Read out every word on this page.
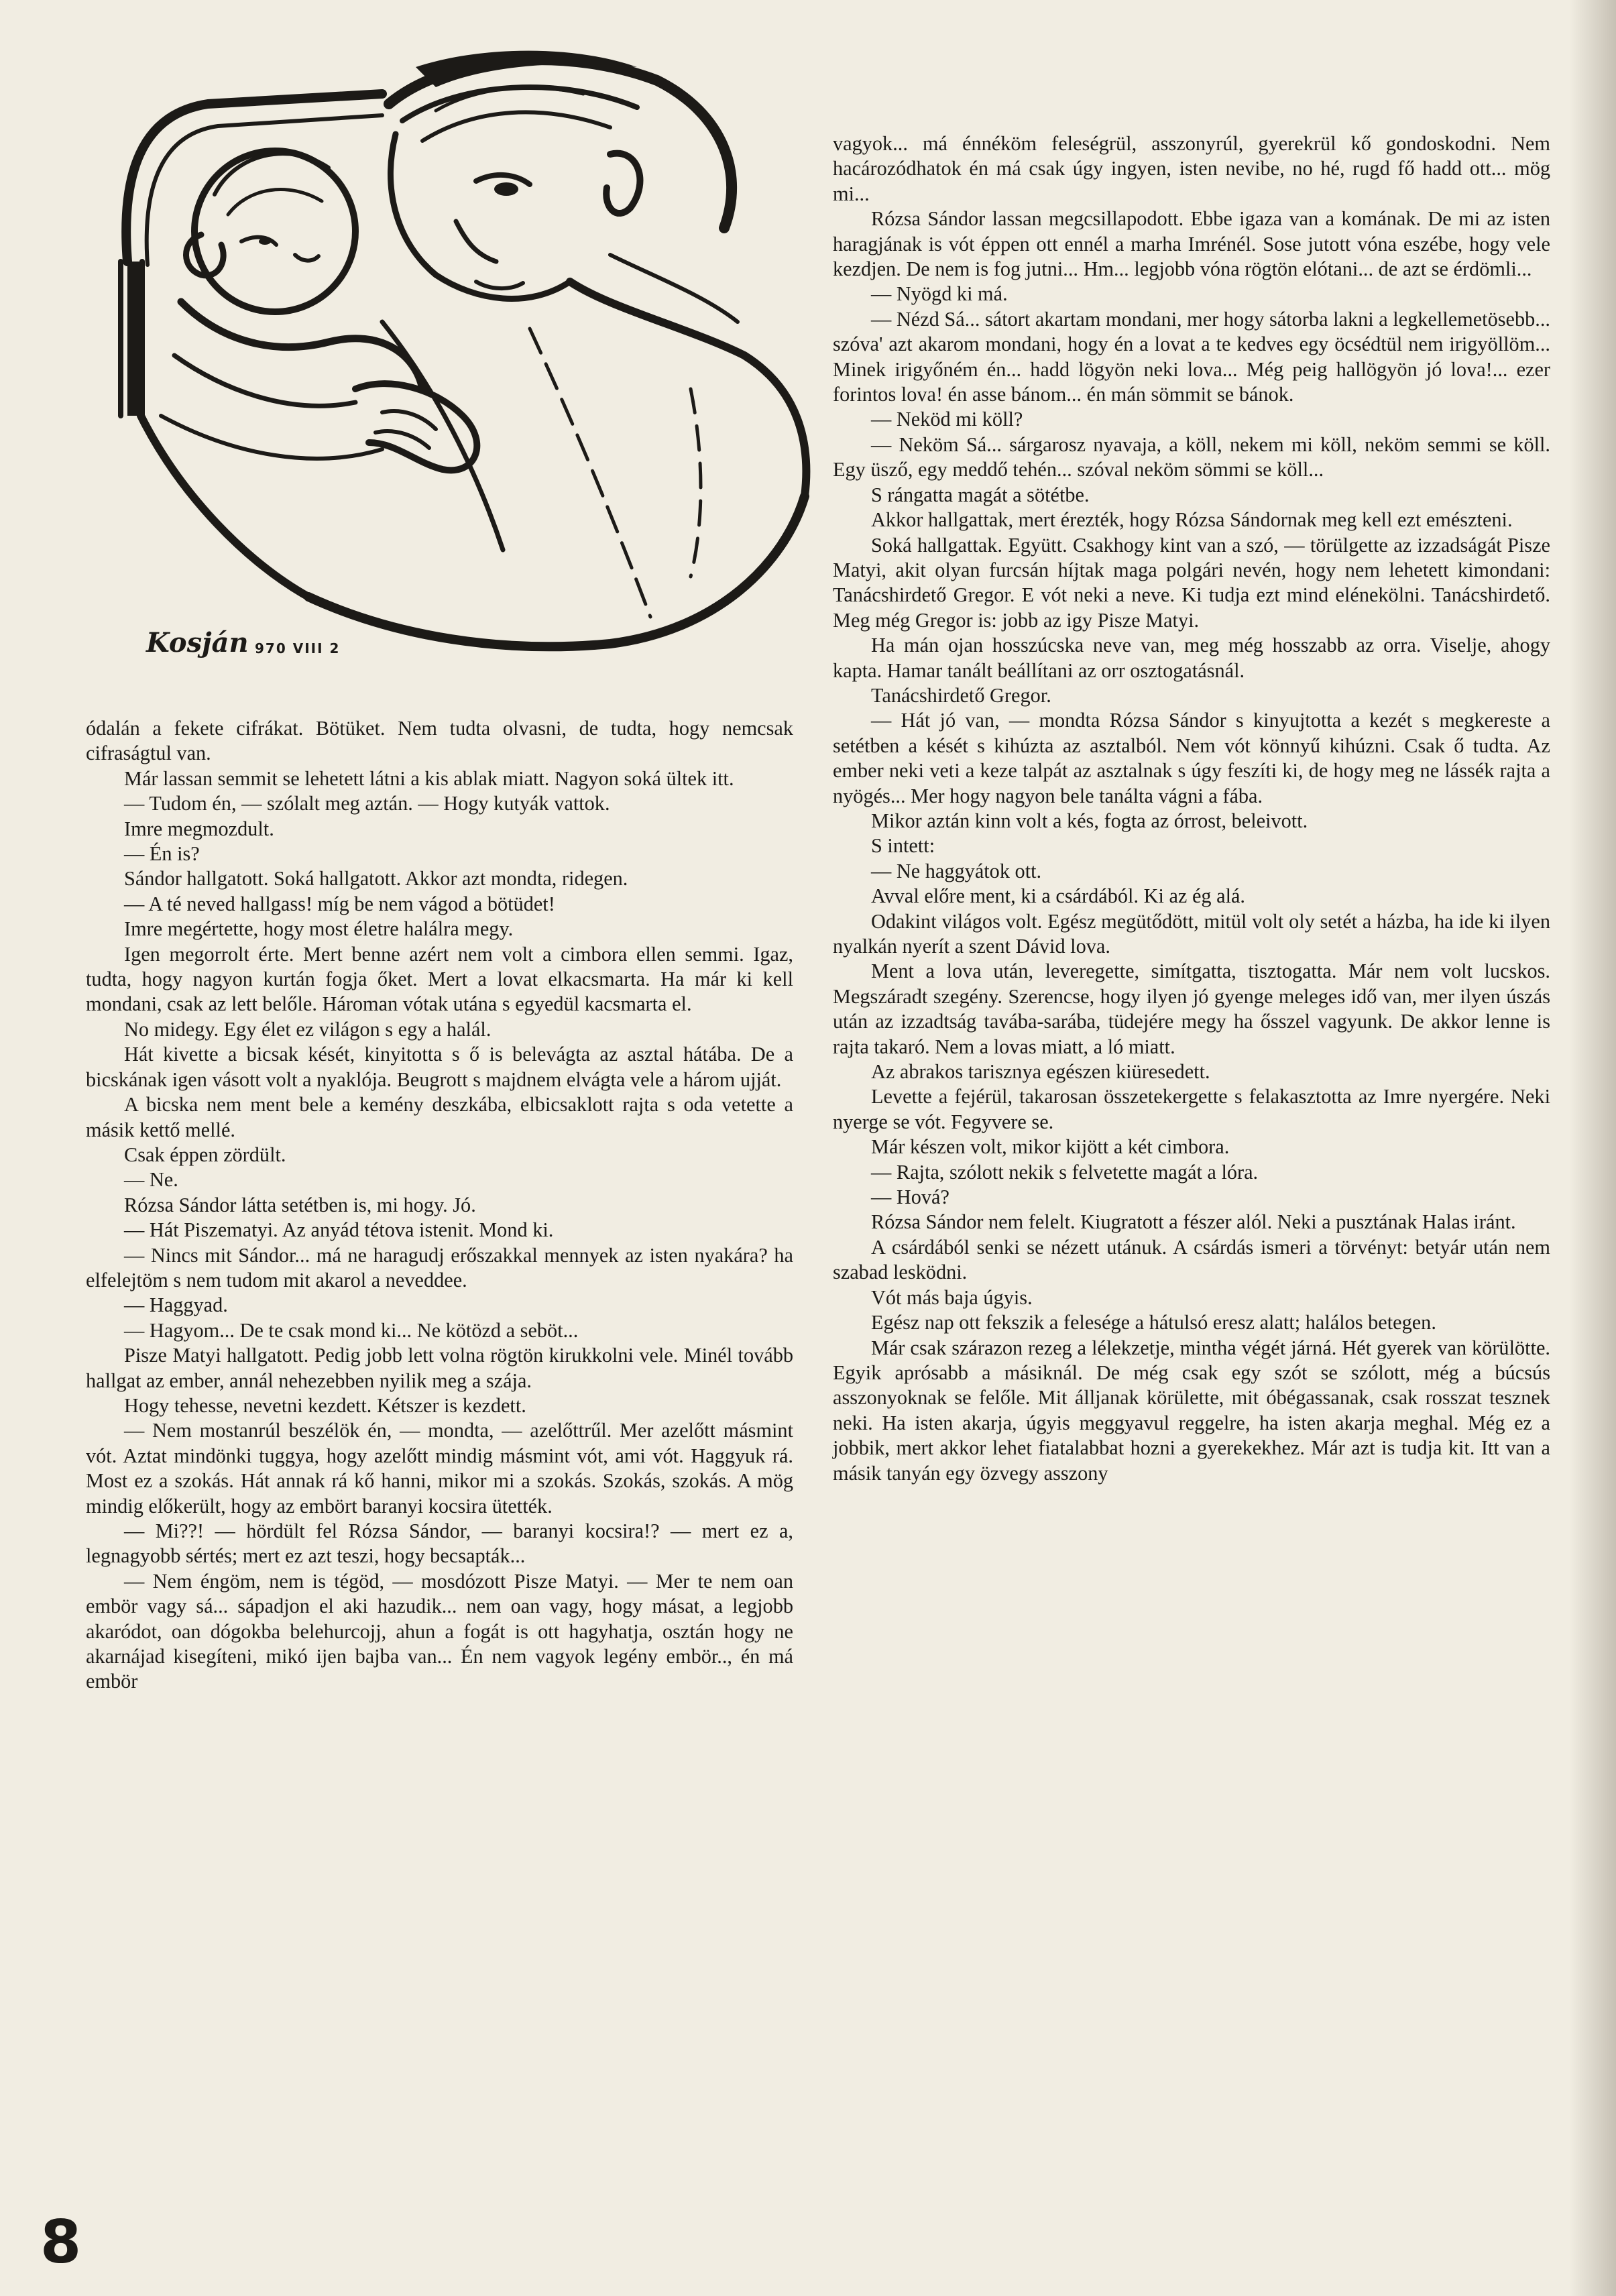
Kosján 970 VIII 2

ódalán a fekete cifrákat. Bötüket. Nem tudta olvasni, de tudta, hogy nemcsak cifraságtul van.

Már lassan semmit se lehetett látni a kis ablak miatt. Nagyon soká ültek itt.

— Tudom én, — szólalt meg aztán. — Hogy kutyák vattok.

Imre megmozdult.

— Én is?

Sándor hallgatott. Soká hallgatott. Akkor azt mondta, ridegen.

— A té neved hallgass! míg be nem vágod a bötüdet!

Imre megértette, hogy most életre halálra megy.

Igen megorrolt érte. Mert benne azért nem volt a cimbora ellen semmi. Igaz, tudta, hogy nagyon kurtán fogja őket. Mert a lovat elkacsmarta. Ha már ki kell mondani, csak az lett belőle. Hároman vótak utána s egyedül kacsmarta el.

No midegy. Egy élet ez világon s egy a halál.

Hát kivette a bicsak kését, kinyitotta s ő is belevágta az asztal hátába. De a bicskának igen vásott volt a nyaklója. Beugrott s majdnem elvágta vele a három ujját.

A bicska nem ment bele a kemény deszkába, elbicsaklott rajta s oda vetette a másik kettő mellé.

Csak éppen zördült.

— Ne.

Rózsa Sándor látta setétben is, mi hogy. Jó.

— Hát Piszematyi. Az anyád tétova istenit. Mond ki.

— Nincs mit Sándor... má ne haragudj erőszakkal mennyek az isten nyakára? ha elfelejtöm s nem tudom mit akarol a neveddee.

— Haggyad.

— Hagyom... De te csak mond ki... Ne kötözd a seböt...

Pisze Matyi hallgatott. Pedig jobb lett volna rögtön kirukkolni vele. Minél tovább hallgat az ember, annál nehezebben nyilik meg a szája.

Hogy tehesse, nevetni kezdett. Kétszer is kezdett.

— Nem mostanrúl beszélök én, — mondta, — azelőttrűl. Mer azelőtt másmint vót. Aztat mindönki tuggya, hogy azelőtt mindig másmint vót, ami vót. Haggyuk rá. Most ez a szokás. Hát annak rá kő hanni, mikor mi a szokás. Szokás, szokás. A mög mindig előkerült, hogy az embört baranyi kocsira ütették.

— Mi??! — hördült fel Rózsa Sándor, — baranyi kocsira!? — mert ez a, legnagyobb sértés; mert ez azt teszi, hogy becsapták...

— Nem éngöm, nem is tégöd, — mosdózott Pisze Matyi. — Mer te nem oan embör vagy sá... sápadjon el aki hazudik... nem oan vagy, hogy másat, a legjobb akaródot, oan dógokba belehurcojj, ahun a fogát is ott hagyhatja, osztán hogy ne akarnájad kisegíteni, mikó ijen bajba van... Én nem vagyok legény embör.., én má embör

vagyok... má énnéköm feleségrül, asszonyrúl, gyerekrül kő gondoskodni. Nem hacározódhatok én má csak úgy ingyen, isten nevibe, no hé, rugd fő hadd ott... mög mi...

Rózsa Sándor lassan megcsillapodott. Ebbe igaza van a komának. De mi az isten haragjának is vót éppen ott ennél a marha Imrénél. Sose jutott vóna eszébe, hogy vele kezdjen. De nem is fog jutni... Hm... legjobb vóna rögtön elótani... de azt se érdömli...

— Nyögd ki má.

— Nézd Sá... sátort akartam mondani, mer hogy sátorba lakni a legkellemetösebb... szóva' azt akarom mondani, hogy én a lovat a te kedves egy öcsédtül nem irigyöllöm... Minek irigyőném én... hadd lögyön neki lova... Még peig hallögyön jó lova!... ezer forintos lova! én asse bánom... én mán sömmit se bánok.

— Neköd mi köll?

— Neköm Sá... sárgarosz nyavaja, a köll, nekem mi köll, neköm semmi se köll. Egy üsző, egy meddő tehén... szóval neköm sömmi se köll...

S rángatta magát a sötétbe.

Akkor hallgattak, mert érezték, hogy Rózsa Sándornak meg kell ezt emészteni.

Soká hallgattak. Együtt. Csakhogy kint van a szó, — törülgette az izzadságát Pisze Matyi, akit olyan furcsán híjtak maga polgári nevén, hogy nem lehetett kimondani: Tanácshirdető Gregor. E vót neki a neve. Ki tudja ezt mind elénekölni. Tanácshirdető. Meg még Gregor is: jobb az igy Pisze Matyi.

Ha mán ojan hosszúcska neve van, meg még hosszabb az orra. Viselje, ahogy kapta. Hamar tanált beállítani az orr osztogatásnál.

Tanácshirdető Gregor.

— Hát jó van, — mondta Rózsa Sándor s kinyujtotta a kezét s megkereste a setétben a kését s kihúzta az asztalból. Nem vót könnyű kihúzni. Csak ő tudta. Az ember neki veti a keze talpát az asztalnak s úgy feszíti ki, de hogy meg ne lássék rajta a nyögés... Mer hogy nagyon bele tanálta vágni a fába.

Mikor aztán kinn volt a kés, fogta az órrost, beleivott.

S intett:

— Ne haggyátok ott.

Avval előre ment, ki a csárdából. Ki az ég alá.

Odakint világos volt. Egész megütődött, mitül volt oly setét a házba, ha ide ki ilyen nyalkán nyerít a szent Dávid lova.

Ment a lova után, leveregette, simítgatta, tisztogatta. Már nem volt lucskos. Megszáradt szegény. Szerencse, hogy ilyen jó gyenge meleges idő van, mer ilyen úszás után az izzadtság tavába-sarába, tüdejére megy ha ősszel vagyunk. De akkor lenne is rajta takaró. Nem a lovas miatt, a ló miatt.

Az abrakos tarisznya egészen kiüresedett.

Levette a fejérül, takarosan összetekergette s felakasztotta az Imre nyergére. Neki nyerge se vót. Fegyvere se.

Már készen volt, mikor kijött a két cimbora.

— Rajta, szólott nekik s felvetette magát a lóra.

— Hová?

Rózsa Sándor nem felelt. Kiugratott a fészer alól. Neki a pusztának Halas iránt.

A csárdából senki se nézett utánuk. A csárdás ismeri a törvényt: betyár után nem szabad lesködni.

Vót más baja úgyis.

Egész nap ott fekszik a felesége a hátulsó eresz alatt; halálos betegen.

Már csak szárazon rezeg a lélekzetje, mintha végét járná. Hét gyerek van körülötte. Egyik aprósabb a másiknál. De még csak egy szót se szólott, még a búcsús asszonyoknak se felőle. Mit álljanak körülette, mit óbégassanak, csak rosszat tesznek neki. Ha isten akarja, úgyis meggyavul reggelre, ha isten akarja meghal. Még ez a jobbik, mert akkor lehet fiatalabbat hozni a gyerekekhez. Már azt is tudja kit. Itt van a másik tanyán egy özvegy asszony

8
